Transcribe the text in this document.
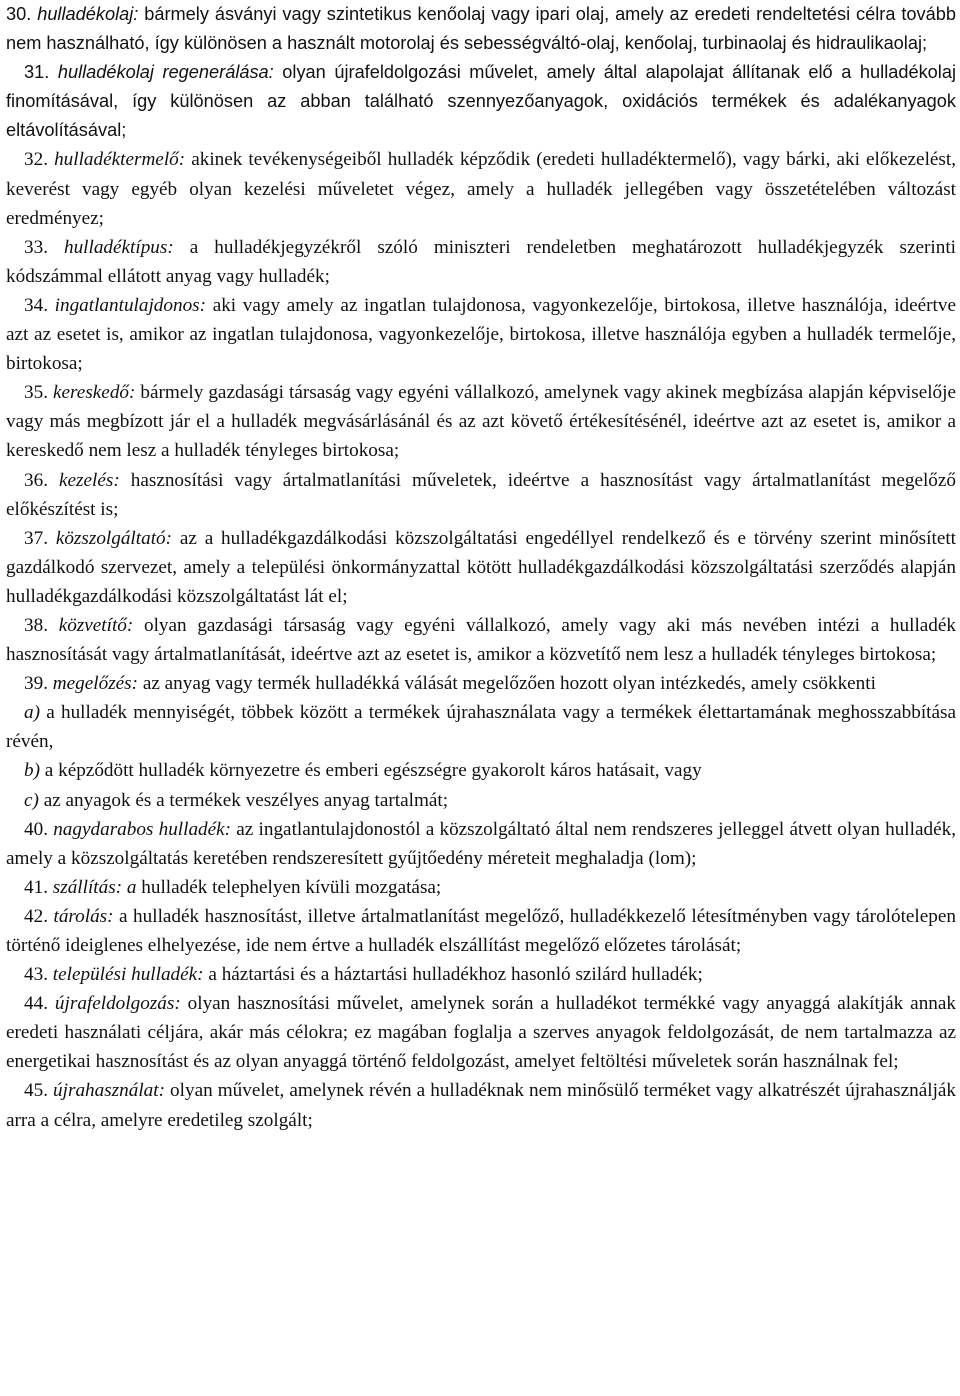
30. hulladékolaj: bármely ásványi vagy szintetikus kenőolaj vagy ipari olaj, amely az eredeti rendeltetési célra tovább nem használható, így különösen a használt motorolaj és sebességváltó-olaj, kenőolaj, turbinaolaj és hidraulikaolaj;

31. hulladékolaj regenerálása: olyan újrafeldolgozási művelet, amely által alapolajat állítanak elő a hulladékolaj finomításával, így különösen az abban található szennyezőanyagok, oxidációs termékek és adalékanyagok eltávolításával;

32. hulladéktermelő: akinek tevékenységeiből hulladék képződik (eredeti hulladéktermelő), vagy bárki, aki előkezelést, keverést vagy egyéb olyan kezelési műveletet végez, amely a hulladék jellegében vagy összetételében változást eredményez;

33. hulladéktípus: a hulladékjegyzékről szóló miniszteri rendeletben meghatározott hulladékjegyzék szerinti kódszámmal ellátott anyag vagy hulladék;

34. ingatlantulajdonos: aki vagy amely az ingatlan tulajdonosa, vagyonkezelője, birtokosa, illetve használója, ideértve azt az esetet is, amikor az ingatlan tulajdonosa, vagyonkezelője, birtokosa, illetve használója egyben a hulladék termelője, birtokosa;

35. kereskedő: bármely gazdasági társaság vagy egyéni vállalkozó, amelynek vagy akinek megbízása alapján képviselője vagy más megbízott jár el a hulladék megvásárlásánál és az azt követő értékesítésénél, ideértve azt az esetet is, amikor a kereskedő nem lesz a hulladék tényleges birtokosa;

36. kezelés: hasznosítási vagy ártalmatlanítási műveletek, ideértve a hasznosítást vagy ártalmatlanítást megelőző előkészítést is;

37. közszolgáltató: az a hulladékgazdálkodási közszolgáltatási engedéllyel rendelkező és e törvény szerint minősített gazdálkodó szervezet, amely a települési önkormányzattal kötött hulladékgazdálkodási közszolgáltatási szerződés alapján hulladékgazdálkodási közszolgáltatást lát el;

38. közvetítő: olyan gazdasági társaság vagy egyéni vállalkozó, amely vagy aki más nevében intézi a hulladék hasznosítását vagy ártalmatlanítását, ideértve azt az esetet is, amikor a közvetítő nem lesz a hulladék tényleges birtokosa;

39. megelőzés: az anyag vagy termék hulladékká válását megelőzően hozott olyan intézkedés, amely csökkenti

a) a hulladék mennyiségét, többek között a termékek újrahasználata vagy a termékek élettartamának meghosszabbítása révén,

b) a képződött hulladék környezetre és emberi egészségre gyakorolt káros hatásait, vagy

c) az anyagok és a termékek veszélyes anyag tartalmát;

40. nagydarabos hulladék: az ingatlantulajdonostól a közszolgáltató által nem rendszeres jelleggel átvett olyan hulladék, amely a közszolgáltatás keretében rendszeresített gyűjtőedény méreteit meghaladja (lom);

41. szállítás: a hulladék telephelyen kívüli mozgatása;

42. tárolás: a hulladék hasznosítást, illetve ártalmatlanítást megelőző, hulladékkezelő létesítményben vagy tárolótelepen történő ideiglenes elhelyezése, ide nem értve a hulladék elszállítást megelőző előzetes tárolását;

43. települési hulladék: a háztartási és a háztartási hulladékhoz hasonló szilárd hulladék;

44. újrafeldolgozás: olyan hasznosítási művelet, amelynek során a hulladékot termékké vagy anyaggá alakítják annak eredeti használati céljára, akár más célokra; ez magában foglalja a szerves anyagok feldolgozását, de nem tartalmazza az energetikai hasznosítást és az olyan anyaggá történő feldolgozást, amelyet feltöltési műveletek során használnak fel;

45. újrahasználat: olyan művelet, amelynek révén a hulladéknak nem minősülő terméket vagy alkatrészét újrahasználják arra a célra, amelyre eredetileg szolgált;
